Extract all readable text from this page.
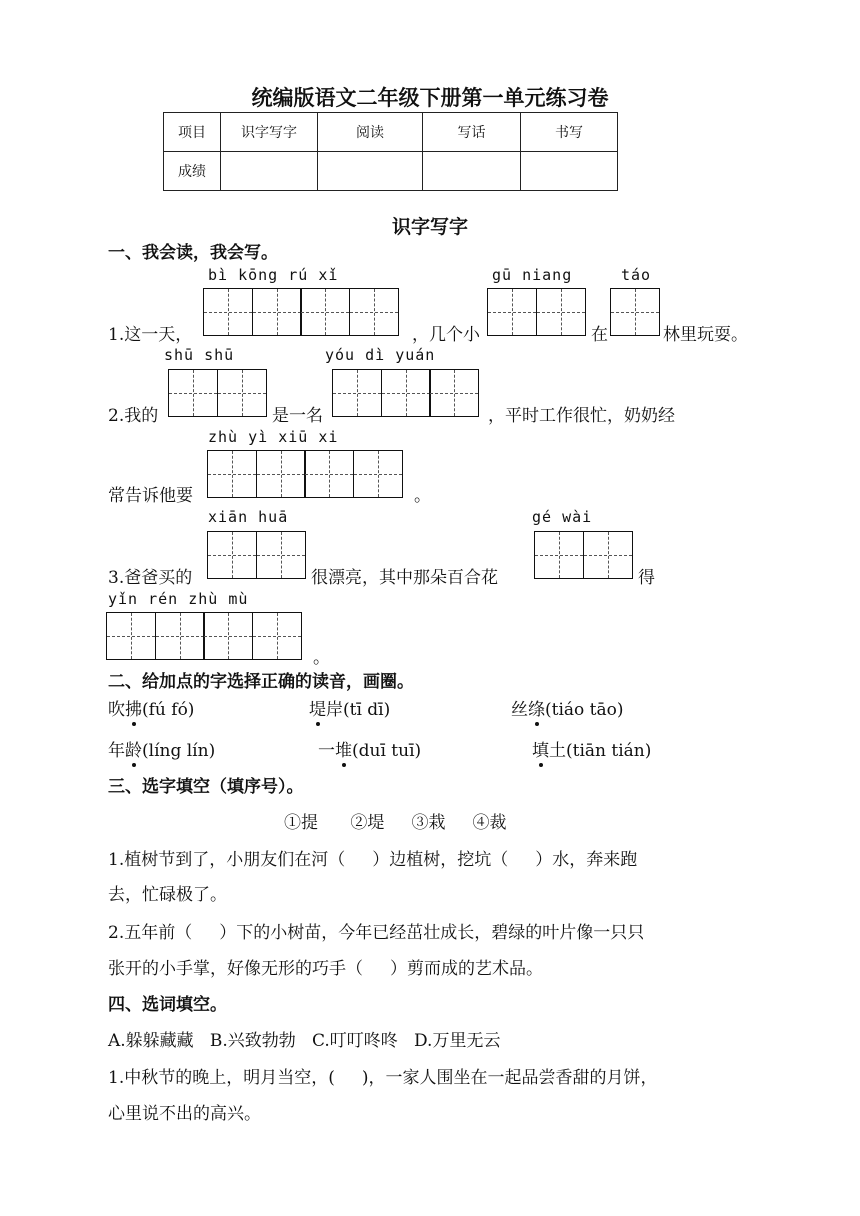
统编版语文二年级下册第一单元练习卷
项目	识字写字	阅读	写话	书写
成绩				
识字写字
一、我会读，我会写。
bì kōng rú xǐ	gū niang	táo
1.这一天，	，几个小	在	林里玩耍。
shū shū	yóu dì yuán
2.我的	是一名	，平时工作很忙，奶奶经
zhù yì xiū xi
常告诉他要	。
xiān huā	gé wài
3.爸爸买的	很漂亮，其中那朵百合花	得
yǐn rén zhù mù
。
二、给加点的字选择正确的读音，画圈。
吹拂(fú fó)	堤岸(tī dī)	丝绦(tiáo tāo)
年龄(líng lín)	一堆(duī tuī)	填土(tiān tián)
三、选字填空（填序号）。
①提      ②堤     ③栽     ④裁
1.植树节到了，小朋友们在河（     ）边植树，挖坑（     ）水，奔来跑
去，忙碌极了。
2.五年前（     ）下的小树苗，今年已经茁壮成长，碧绿的叶片像一只只
张开的小手掌，好像无形的巧手（     ）剪而成的艺术品。
四、选词填空。
A.躲躲藏藏   B.兴致勃勃   C.叮叮咚咚   D.万里无云
1.中秋节的晚上，明月当空，(     )，一家人围坐在一起品尝香甜的月饼，
心里说不出的高兴。
